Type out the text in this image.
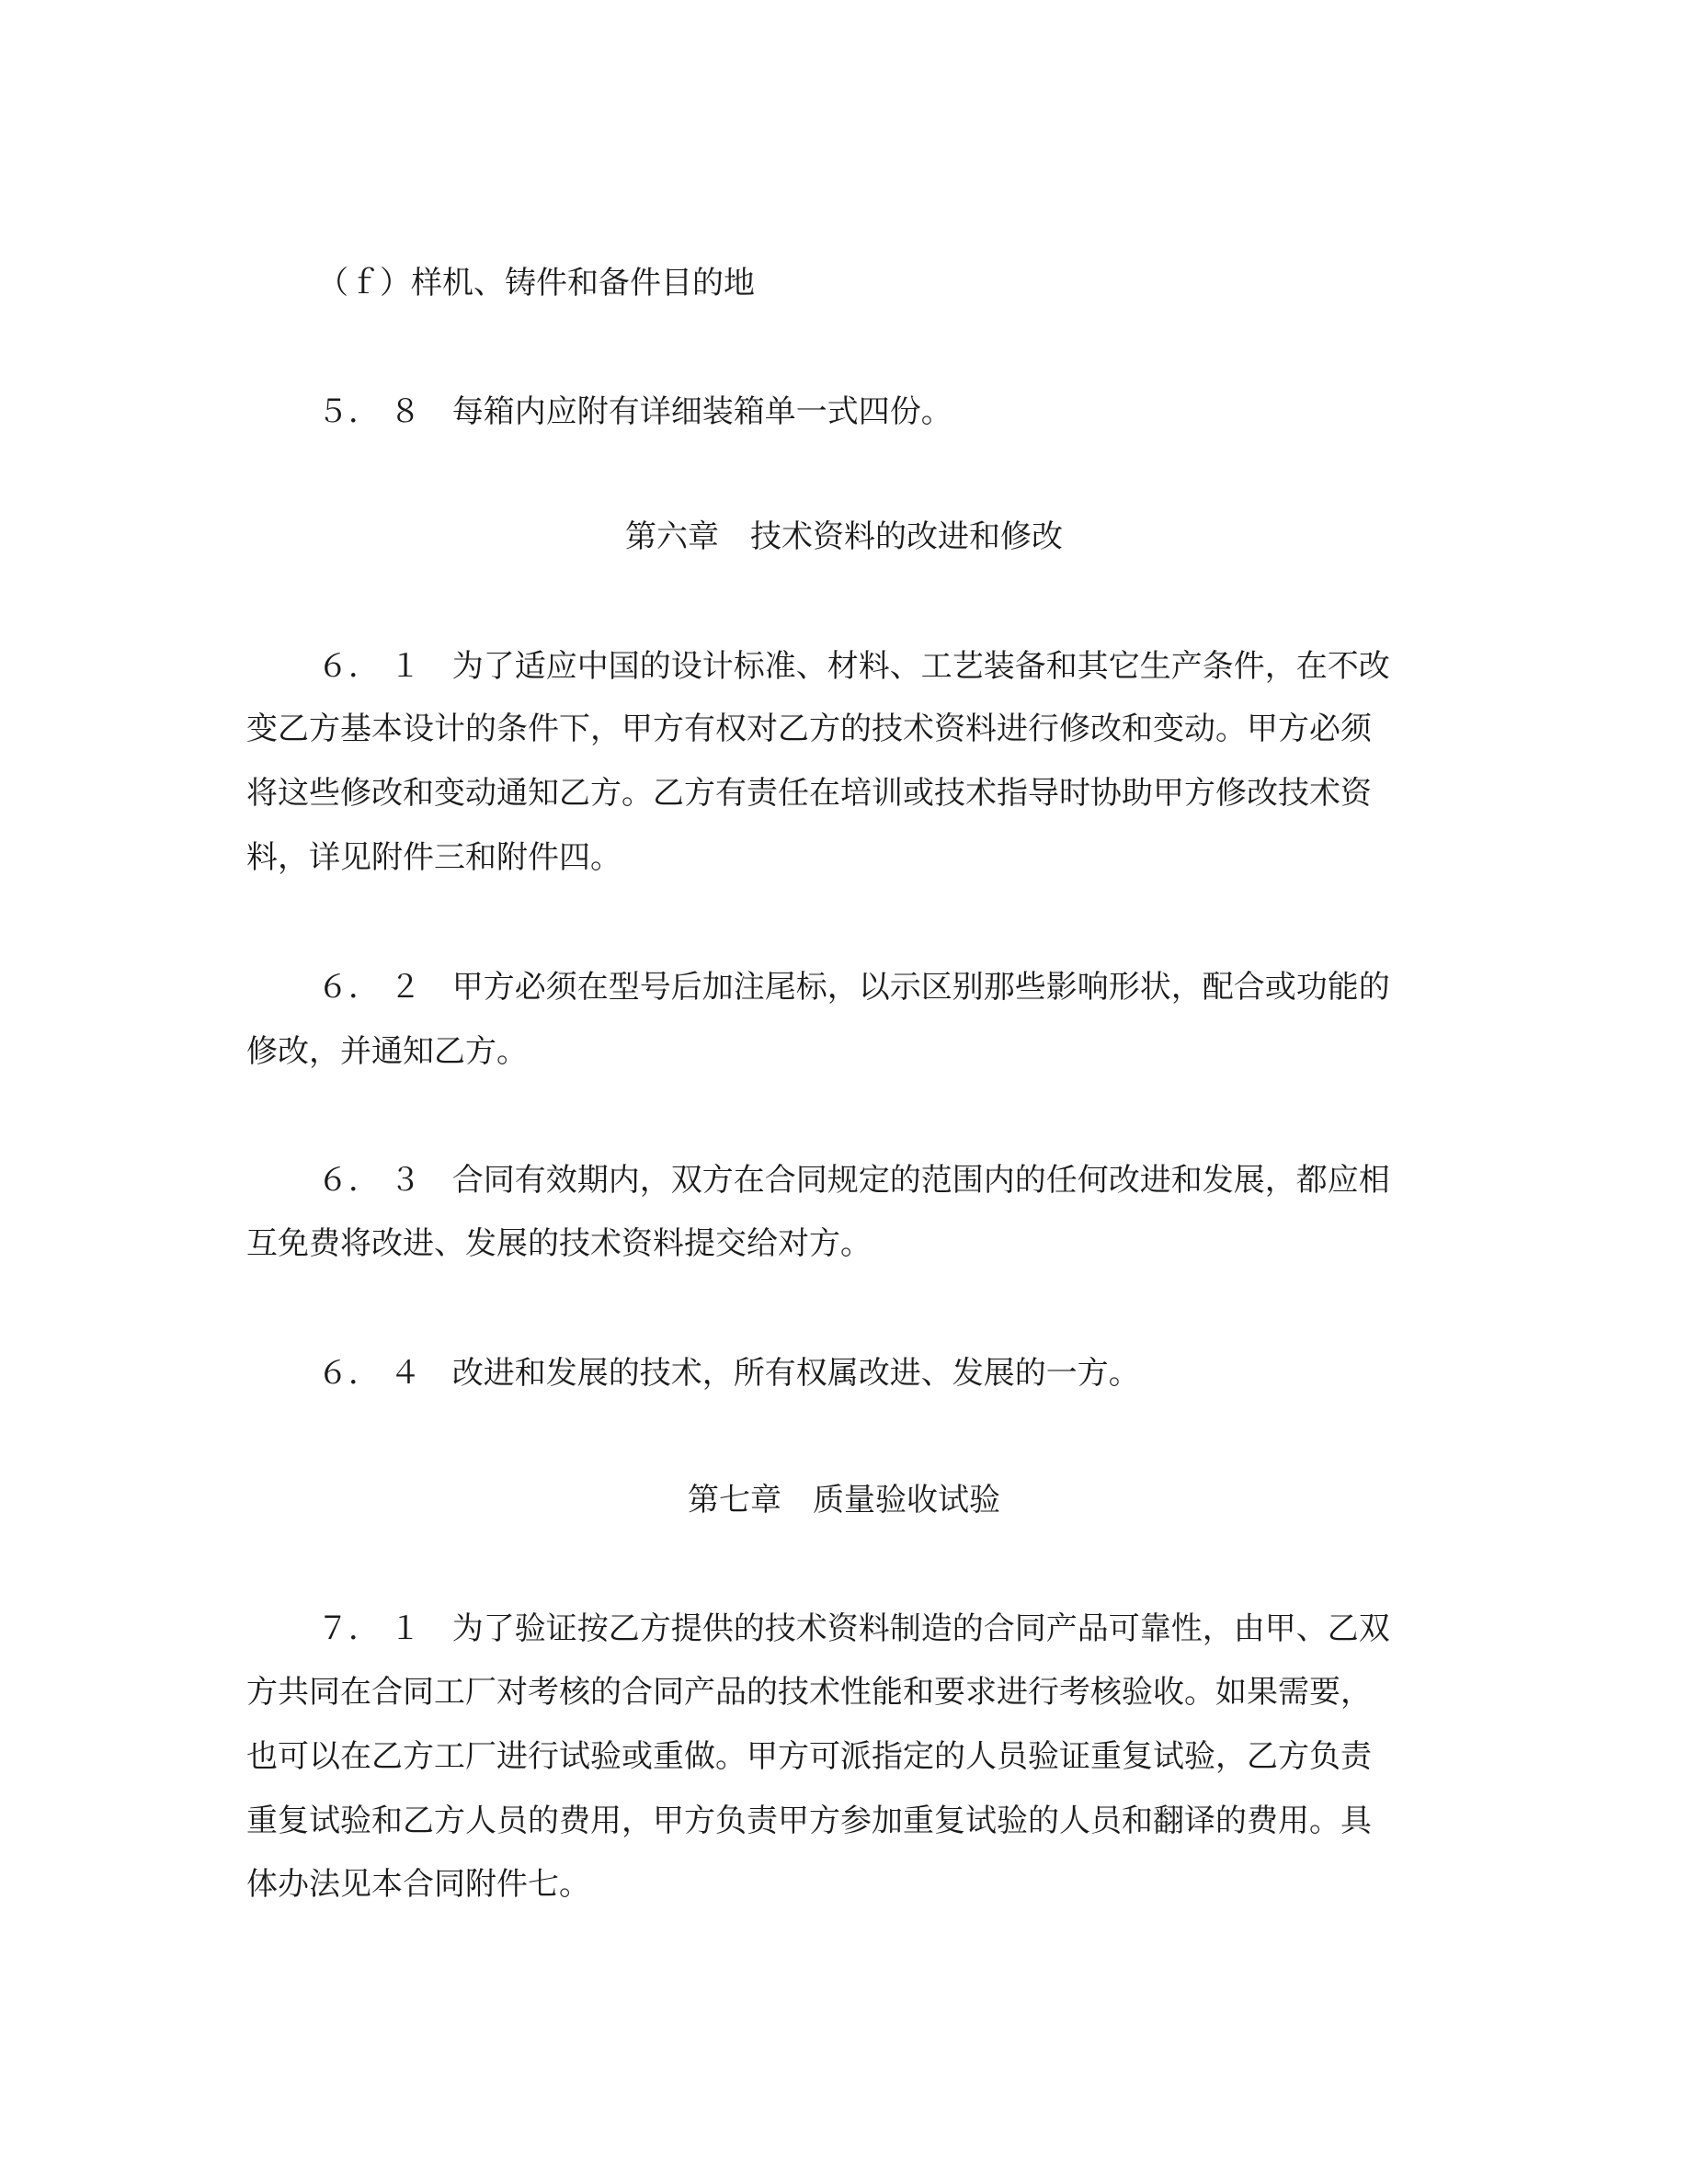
（ｆ）样机、铸件和备件目的地
５． ８　每箱内应附有详细装箱单一式四份。
第六章　技术资料的改进和修改
６． １　为了适应中国的设计标准、材料、工艺装备和其它生产条件，在不改
变乙方基本设计的条件下，甲方有权对乙方的技术资料进行修改和变动。甲方必须
将这些修改和变动通知乙方。乙方有责任在培训或技术指导时协助甲方修改技术资
料，详见附件三和附件四。
６． ２　甲方必须在型号后加注尾标，以示区别那些影响形状，配合或功能的
修改，并通知乙方。
６． ３　合同有效期内，双方在合同规定的范围内的任何改进和发展，都应相
互免费将改进、发展的技术资料提交给对方。
６． ４　改进和发展的技术，所有权属改进、发展的一方。
第七章　质量验收试验
７． １　为了验证按乙方提供的技术资料制造的合同产品可靠性，由甲、乙双
方共同在合同工厂对考核的合同产品的技术性能和要求进行考核验收。如果需要，
也可以在乙方工厂进行试验或重做。甲方可派指定的人员验证重复试验，乙方负责
重复试验和乙方人员的费用，甲方负责甲方参加重复试验的人员和翻译的费用。具
体办法见本合同附件七。
